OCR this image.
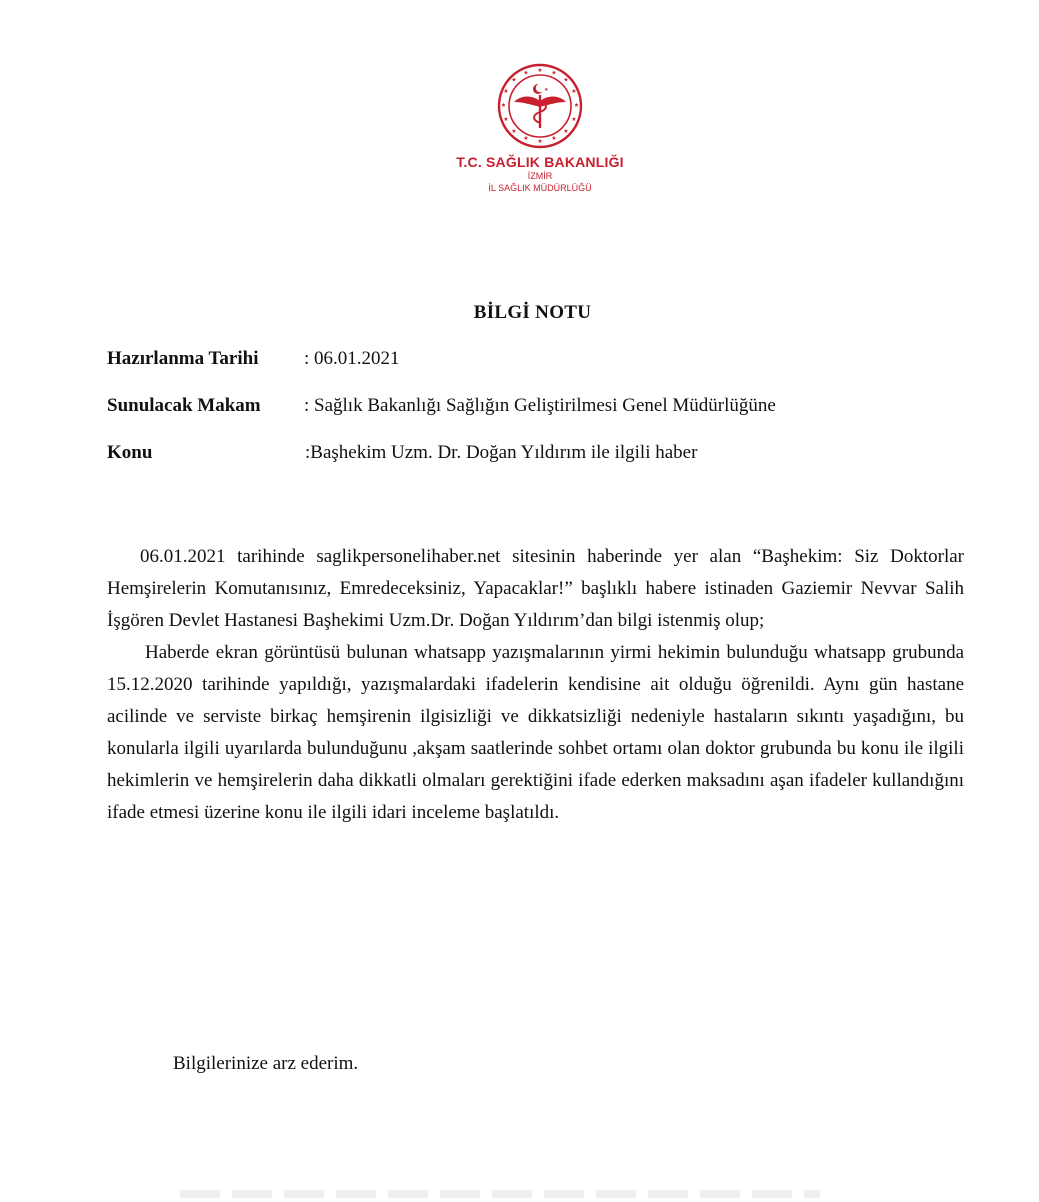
★ ★
★
★
★
★
★
★
★
★
★
★
★
★
★
★
★
T.C. SAĞLIK BAKANLIĞI
İZMİR
İL SAĞLIK MÜDÜRLÜĞÜ
BİLGİ NOTU
Hazırlanma Tarihi : 06.01.2021
Sunulacak Makam : Sağlık Bakanlığı Sağlığın Geliştirilmesi Genel Müdürlüğüne
Konu	:Başhekim Uzm. Dr. Doğan Yıldırım ile ilgili haber

06.01.2021 tarihinde saglikpersonelihaber.net sitesinin haberinde yer alan “Başhekim: Siz Doktorlar Hemşirelerin Komutanısınız, Emredeceksiniz, Yapacaklar!” başlıklı habere istinaden Gaziemir Nevvar Salih İşgören Devlet Hastanesi Başhekimi Uzm.Dr. Doğan Yıldırım’dan bilgi istenmiş olup;

Haberde ekran görüntüsü bulunan whatsapp yazışmalarının yirmi hekimin bulunduğu whatsapp grubunda 15.12.2020 tarihinde yapıldığı, yazışmalardaki ifadelerin kendisine ait olduğu öğrenildi. Aynı gün hastane acilinde ve serviste birkaç hemşirenin ilgisizliği ve dikkatsizliği nedeniyle hastaların sıkıntı yaşadığını, bu konularla ilgili uyarılarda bulunduğunu ,akşam saatlerinde sohbet ortamı olan doktor grubunda bu konu ile ilgili hekimlerin ve hemşirelerin daha dikkatli olmaları gerektiğini ifade ederken maksadını aşan ifadeler kullandığını ifade etmesi üzerine konu ile ilgili idari inceleme başlatıldı.

Bilgilerinize arz ederim.
